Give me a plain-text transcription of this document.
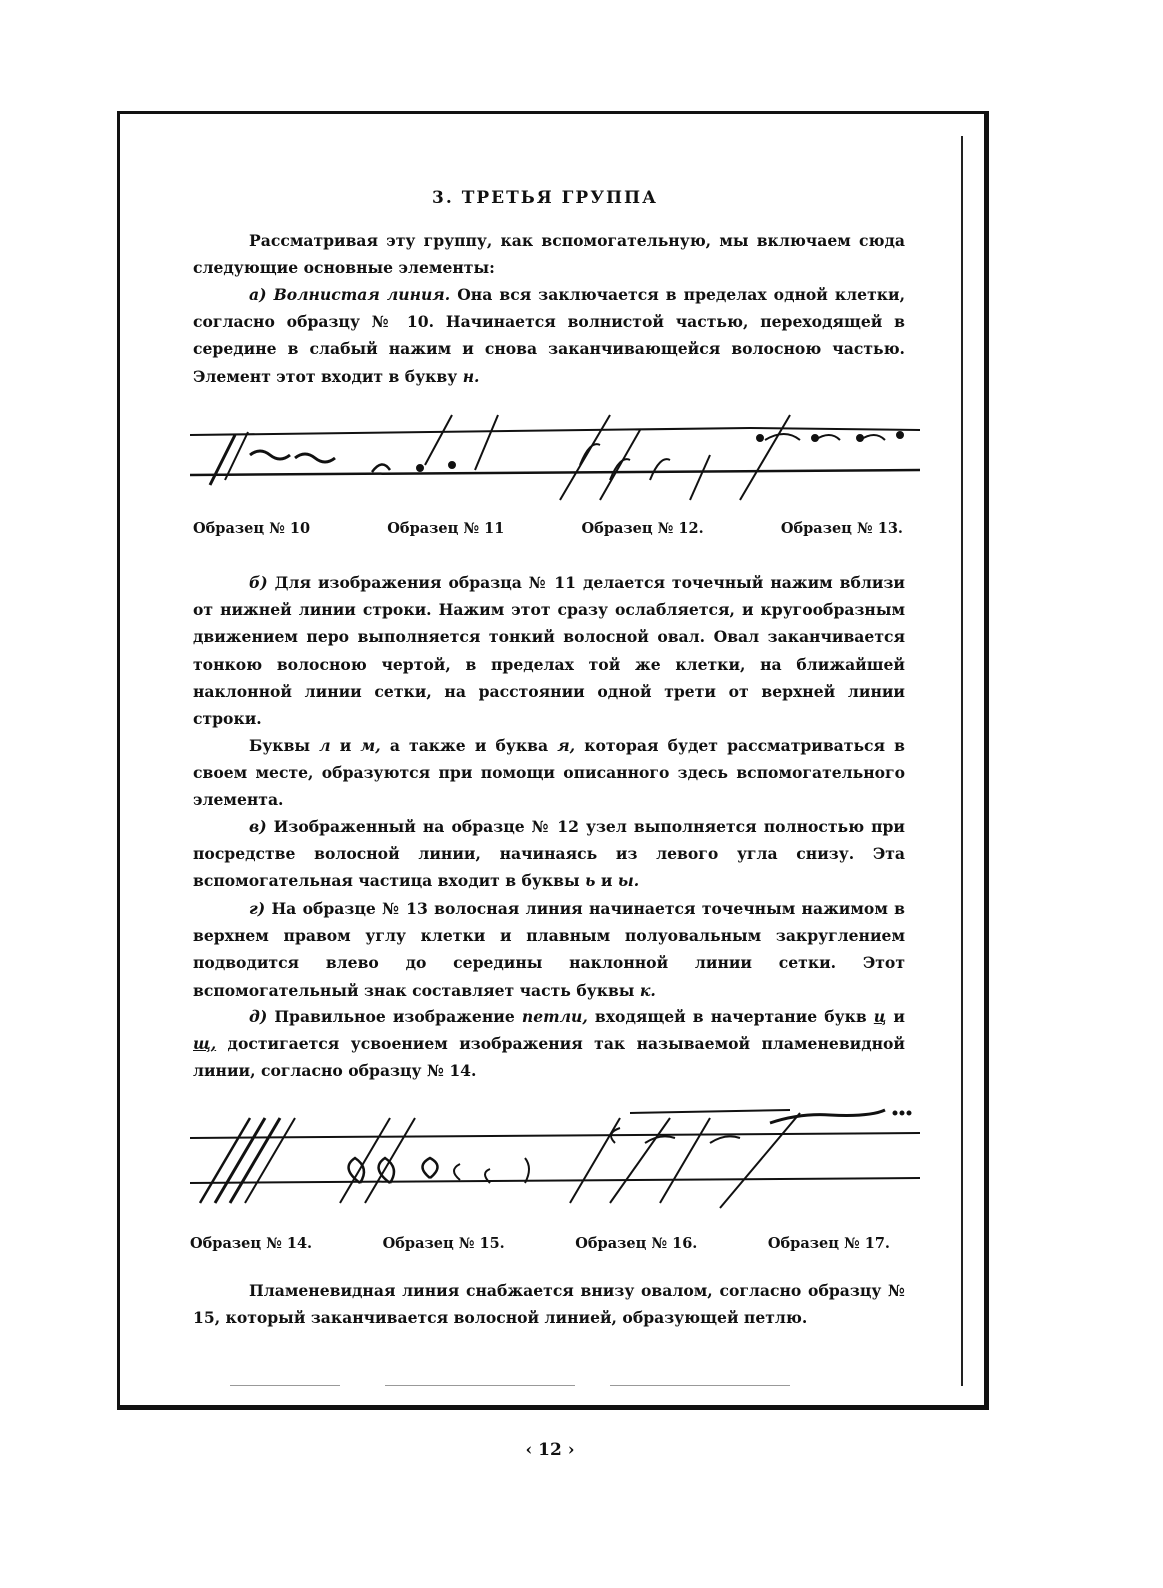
3. ТРЕТЬЯ ГРУППА

Рассматривая эту группу, как вспомогательную, мы включаем сюда следующие основные элементы:

а) Волнистая линия. Она вся заключается в пределах одной клетки, согласно образцу № 10. Начинается волнистой частью, переходящей в середине в слабый нажим и снова заканчивающейся волосною частью. Элемент этот входит в букву н.

Образец № 10	Образец № 11	Образец № 12.	Образец № 13.

б) Для изображения образца № 11 делается точечный нажим вблизи от нижней линии строки. Нажим этот сразу ослабляется, и кругообразным движением перо выполняется тонкий волосной овал. Овал заканчивается тонкою волосною чертой, в пределах той же клетки, на ближайшей наклонной линии сетки, на расстоянии одной трети от верхней линии строки.

Буквы л и м, а также и буква я, которая будет рассматриваться в своем месте, образуются при помощи описанного здесь вспомогательного элемента.

в) Изображенный на образце № 12 узел выполняется полностью при посредстве волосной линии, начинаясь из левого угла снизу. Эта вспомогательная частица входит в буквы ь и ы.

г) На образце № 13 волосная линия начинается точечным нажимом в верхнем правом углу клетки и плавным полуовальным закруглением подводится влево до середины наклонной линии сетки. Этот вспомогательный знак составляет часть буквы к.

д) Правильное изображение петли, входящей в начертание букв ц и щ, достигается усвоением изображения так называемой пламеневидной линии, согласно образцу № 14.

Образец № 14.	Образец № 15.	Образец № 16.	Образец № 17.

Пламеневидная линия снабжается внизу овалом, согласно образцу № 15, который заканчивается волосной линией, образующей петлю.

‹ 12 ›
